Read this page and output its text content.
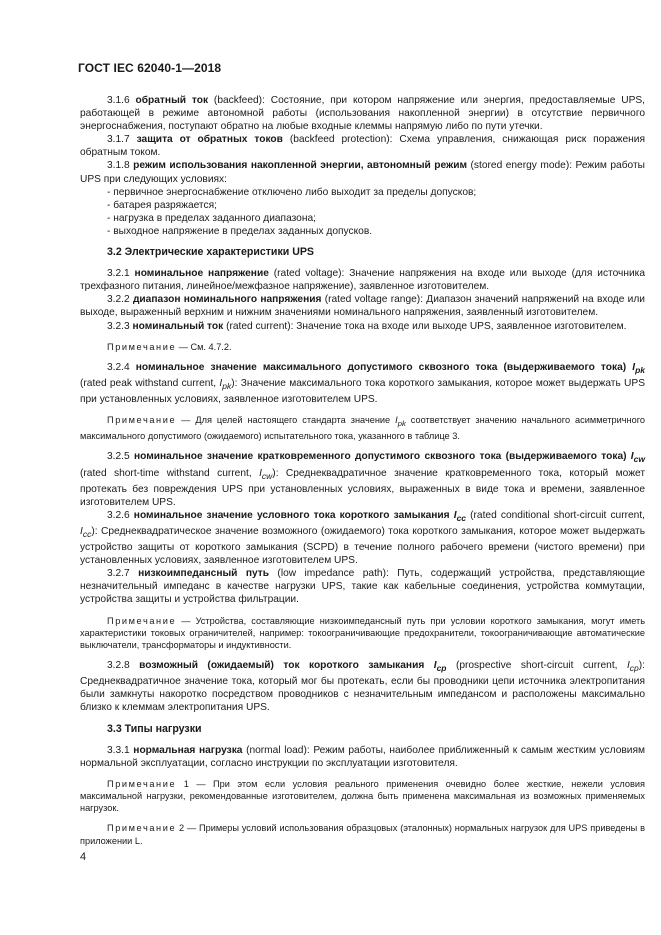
ГОСТ IEC 62040-1—2018

3.1.6 обратный ток (backfeed): Состояние, при котором напряжение или энергия, предоставляемые UPS, работающей в режиме автономной работы (использования накопленной энергии) в отсутствие первичного энергоснабжения, поступают обратно на любые входные клеммы напрямую либо по пути утечки.

3.1.7 защита от обратных токов (backfeed protection): Схема управления, снижающая риск поражения обратным током.

3.1.8 режим использования накопленной энергии, автономный режим (stored energy mode): Режим работы UPS при следующих условиях:

- первичное энергоснабжение отключено либо выходит за пределы допусков;
- батарея разряжается;
- нагрузка в пределах заданного диапазона;
- выходное напряжение в пределах заданных допусков.

3.2 Электрические характеристики UPS

3.2.1 номинальное напряжение (rated voltage): Значение напряжения на входе или выходе (для источника трехфазного питания, линейное/межфазное напряжение), заявленное изготовителем.

3.2.2 диапазон номинального напряжения (rated voltage range): Диапазон значений напряжений на входе или выходе, выраженный верхним и нижним значениями номинального напряжения, заявленный изготовителем.

3.2.3 номинальный ток (rated current): Значение тока на входе или выходе UPS, заявленное изготовителем.

Примечание — См. 4.7.2.

3.2.4 номинальное значение максимального допустимого сквозного тока (выдерживаемого тока) $I_{pk}$ (rated peak withstand current, $I_{pk}$): Значение максимального тока короткого замыкания, которое может выдержать UPS при установленных условиях, заявленное изготовителем UPS.

Примечание — Для целей настоящего стандарта значение $I_{pk}$ соответствует значению начального асимметричного максимального допустимого (ожидаемого) испытательного тока, указанного в таблице 3.

3.2.5 номинальное значение кратковременного допустимого сквозного тока (выдерживаемого тока) $I_{cw}$ (rated short-time withstand current, $I_{cw}$): Среднеквадратичное значение кратковременного тока, который может протекать без повреждения UPS при установленных условиях, выраженных в виде тока и времени, заявленное изготовителем UPS.

3.2.6 номинальное значение условного тока короткого замыкания $I_{cc}$ (rated conditional short-circuit current, $I_{cc}$): Среднеквадратическое значение возможного (ожидаемого) тока короткого замыкания, которое может выдержать устройство защиты от короткого замыкания (SCPD) в течение полного рабочего времени (чистого времени) при установленных условиях, заявленное изготовителем UPS.

3.2.7 низкоимпедансный путь (low impedance path): Путь, содержащий устройства, представляющие незначительный импеданс в качестве нагрузки UPS, такие как кабельные соединения, устройства коммутации, устройства защиты и устройства фильтрации.

Примечание — Устройства, составляющие низкоимпедансный путь при условии короткого замыкания, могут иметь характеристики токовых ограничителей, например: токоограничивающие предохранители, токоограничивающие автоматические выключатели, трансформаторы и индуктивности.

3.2.8 возможный (ожидаемый) ток короткого замыкания $I_{cp}$ (prospective short-circuit current, $I_{cp}$): Среднеквадратичное значение тока, который мог бы протекать, если бы проводники цепи источника электропитания были замкнуты накоротко посредством проводников с незначительным импедансом и расположены максимально близко к клеммам электропитания UPS.

3.3 Типы нагрузки

3.3.1 нормальная нагрузка (normal load): Режим работы, наиболее приближенный к самым жестким условиям нормальной эксплуатации, согласно инструкции по эксплуатации изготовителя.

Примечание 1 — При этом если условия реального применения очевидно более жесткие, нежели условия максимальной нагрузки, рекомендованные изготовителем, должна быть применена максимальная из возможных применяемых нагрузок.

Примечание 2 — Примеры условий использования образцовых (эталонных) нормальных нагрузок для UPS приведены в приложении L.

4
